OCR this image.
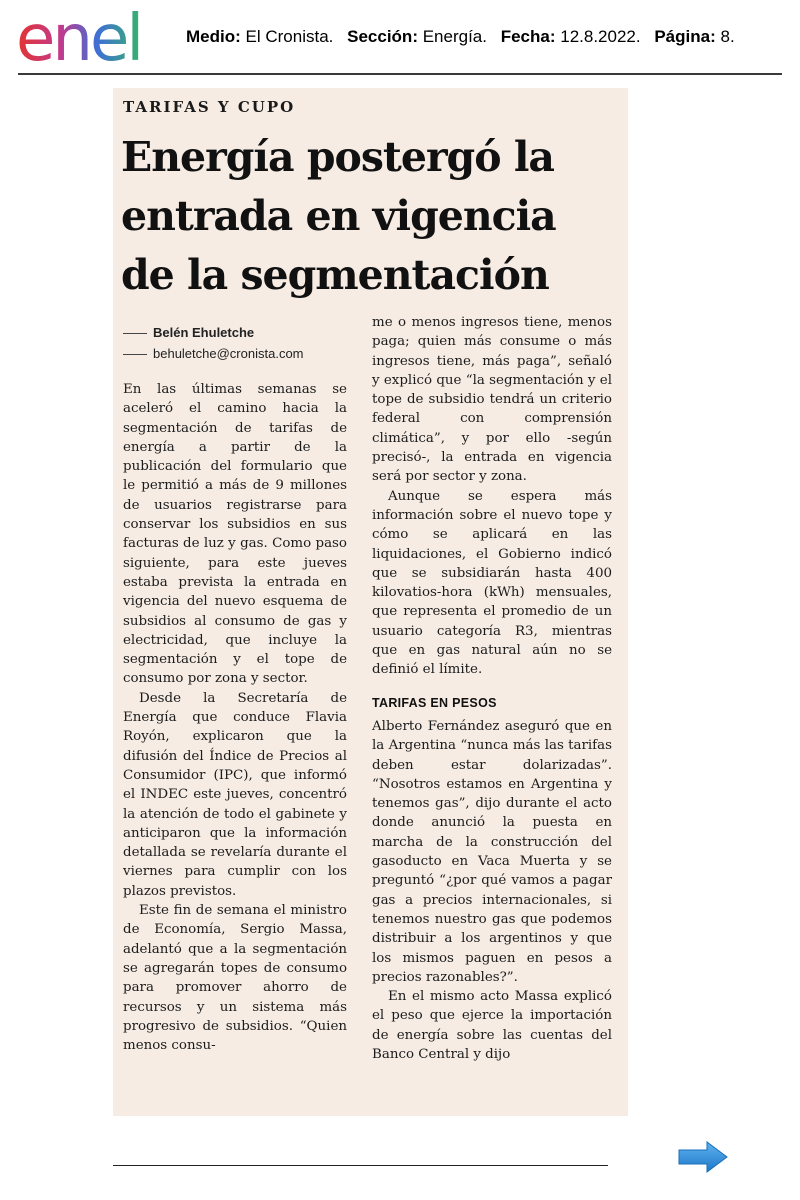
enel	Medio: El Cronista. Sección: Energía. Fecha: 12.8.2022. Página: 8.
TARIFAS Y CUPO
Energía postergó la entrada en vigencia de la segmentación
Belén Ehuletche
behuletche@cronista.com

En las últimas semanas se aceleró el camino hacia la segmentación de tarifas de energía a partir de la publicación del formulario que le permitió a más de 9 millones de usuarios registrarse para conservar los subsidios en sus facturas de luz y gas. Como paso siguiente, para este jueves estaba prevista la entrada en vigencia del nuevo esquema de subsidios al consumo de gas y electricidad, que incluye la segmentación y el tope de consumo por zona y sector.

Desde la Secretaría de Energía que conduce Flavia Royón, explicaron que la difusión del Índice de Precios al Consumidor (IPC), que informó el INDEC este jueves, concentró la atención de todo el gabinete y anticiparon que la información detallada se revelaría durante el viernes para cumplir con los plazos previstos.

Este fin de semana el ministro de Economía, Sergio Massa, adelantó que a la segmentación se agregarán topes de consumo para promover ahorro de recursos y un sistema más progresivo de subsidios. “Quien menos consu-

me o menos ingresos tiene, menos paga; quien más consume o más ingresos tiene, más paga”, señaló y explicó que “la segmentación y el tope de subsidio tendrá un criterio federal con comprensión climática”, y por ello -según precisó-, la entrada en vigencia será por sector y zona.

Aunque se espera más información sobre el nuevo tope y cómo se aplicará en las liquidaciones, el Gobierno indicó que se subsidiarán hasta 400 kilovatios-hora (kWh) mensuales, que representa el promedio de un usuario categoría R3, mientras que en gas natural aún no se definió el límite.

TARIFAS EN PESOS

Alberto Fernández aseguró que en la Argentina “nunca más las tarifas deben estar dolarizadas”. “Nosotros estamos en Argentina y tenemos gas”, dijo durante el acto donde anunció la puesta en marcha de la construcción del gasoducto en Vaca Muerta y se preguntó “¿por qué vamos a pagar gas a precios internacionales, si tenemos nuestro gas que podemos distribuir a los argentinos y que los mismos paguen en pesos a precios razonables?”.

En el mismo acto Massa explicó el peso que ejerce la importación de energía sobre las cuentas del Banco Central y dijo
